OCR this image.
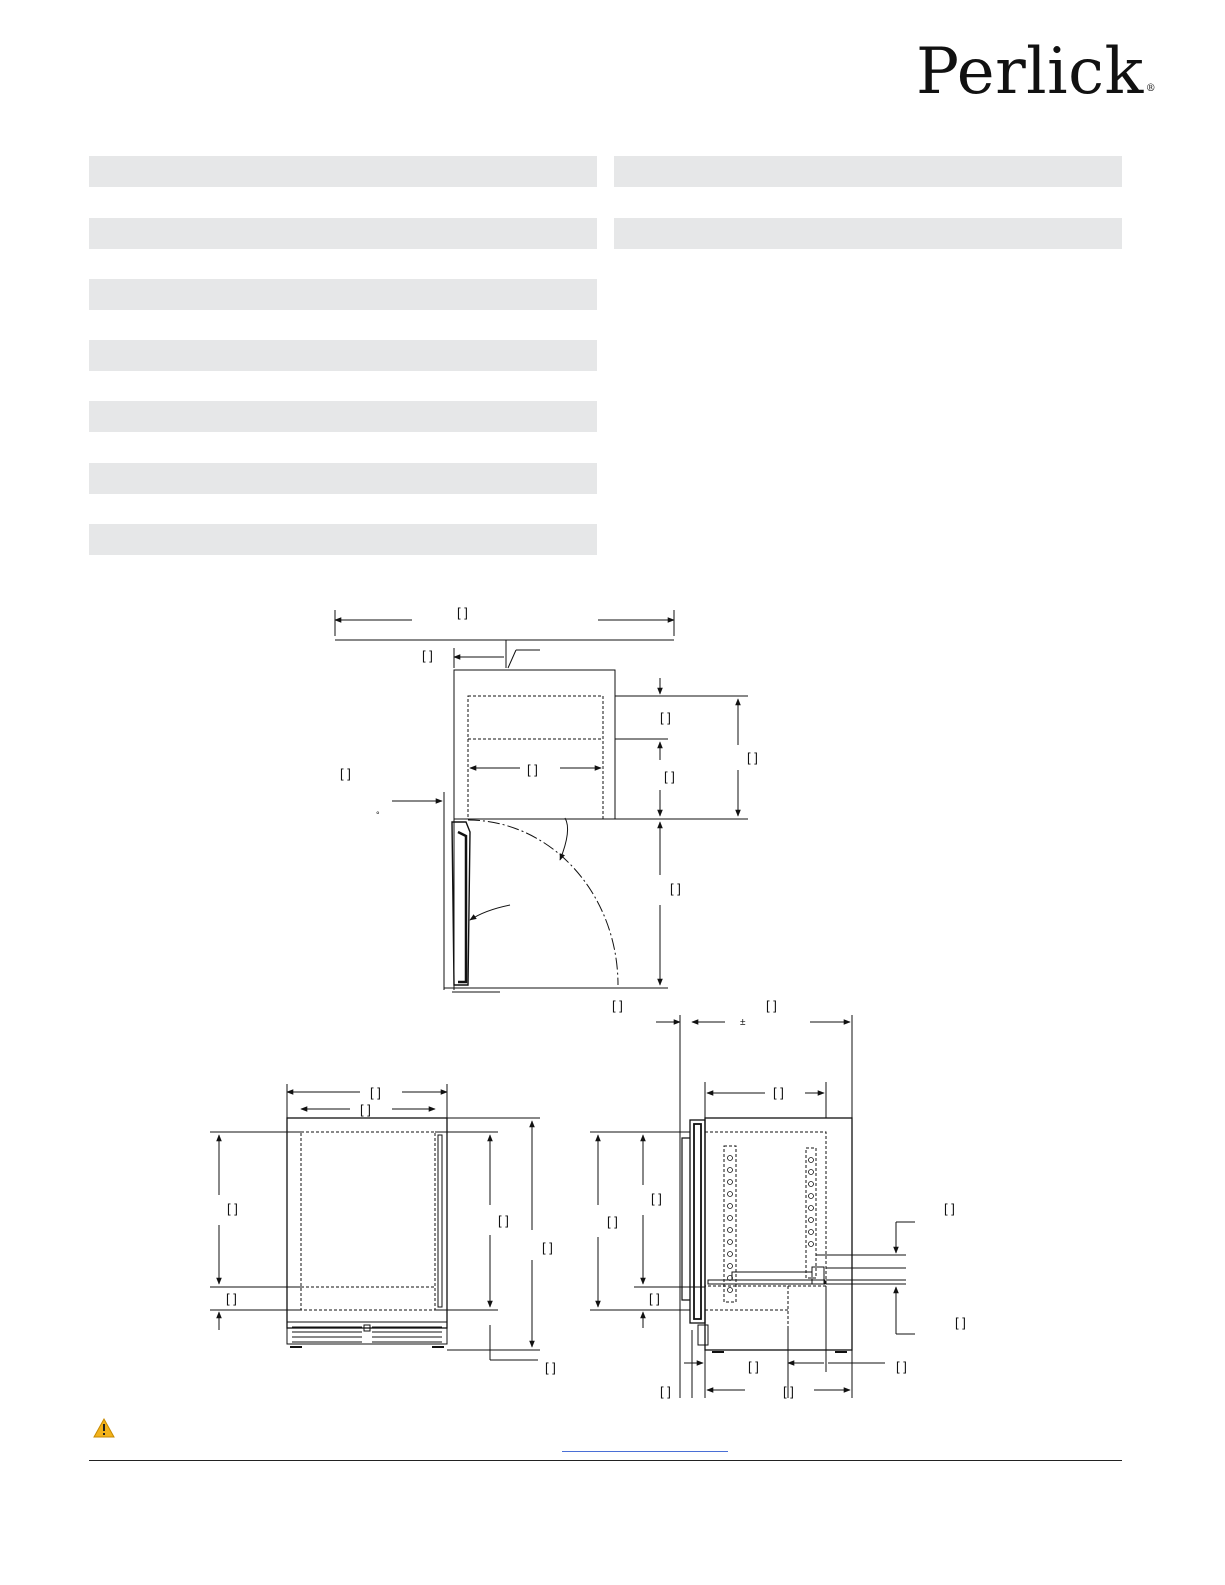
Perlick ®
[ ]
[ ]
[ ]
[ ]
[ ]
[ ]
[ ]
[ ]
°
[ ]	[ ]
±
[ ]
[ ]
[ ]
[ ]
[ ]
[ ]
[ ]
[ ]
[ ]
[ ]
[ ]
[ ]
[ ]
[ ]	[ ]
[ ]	[ ]
